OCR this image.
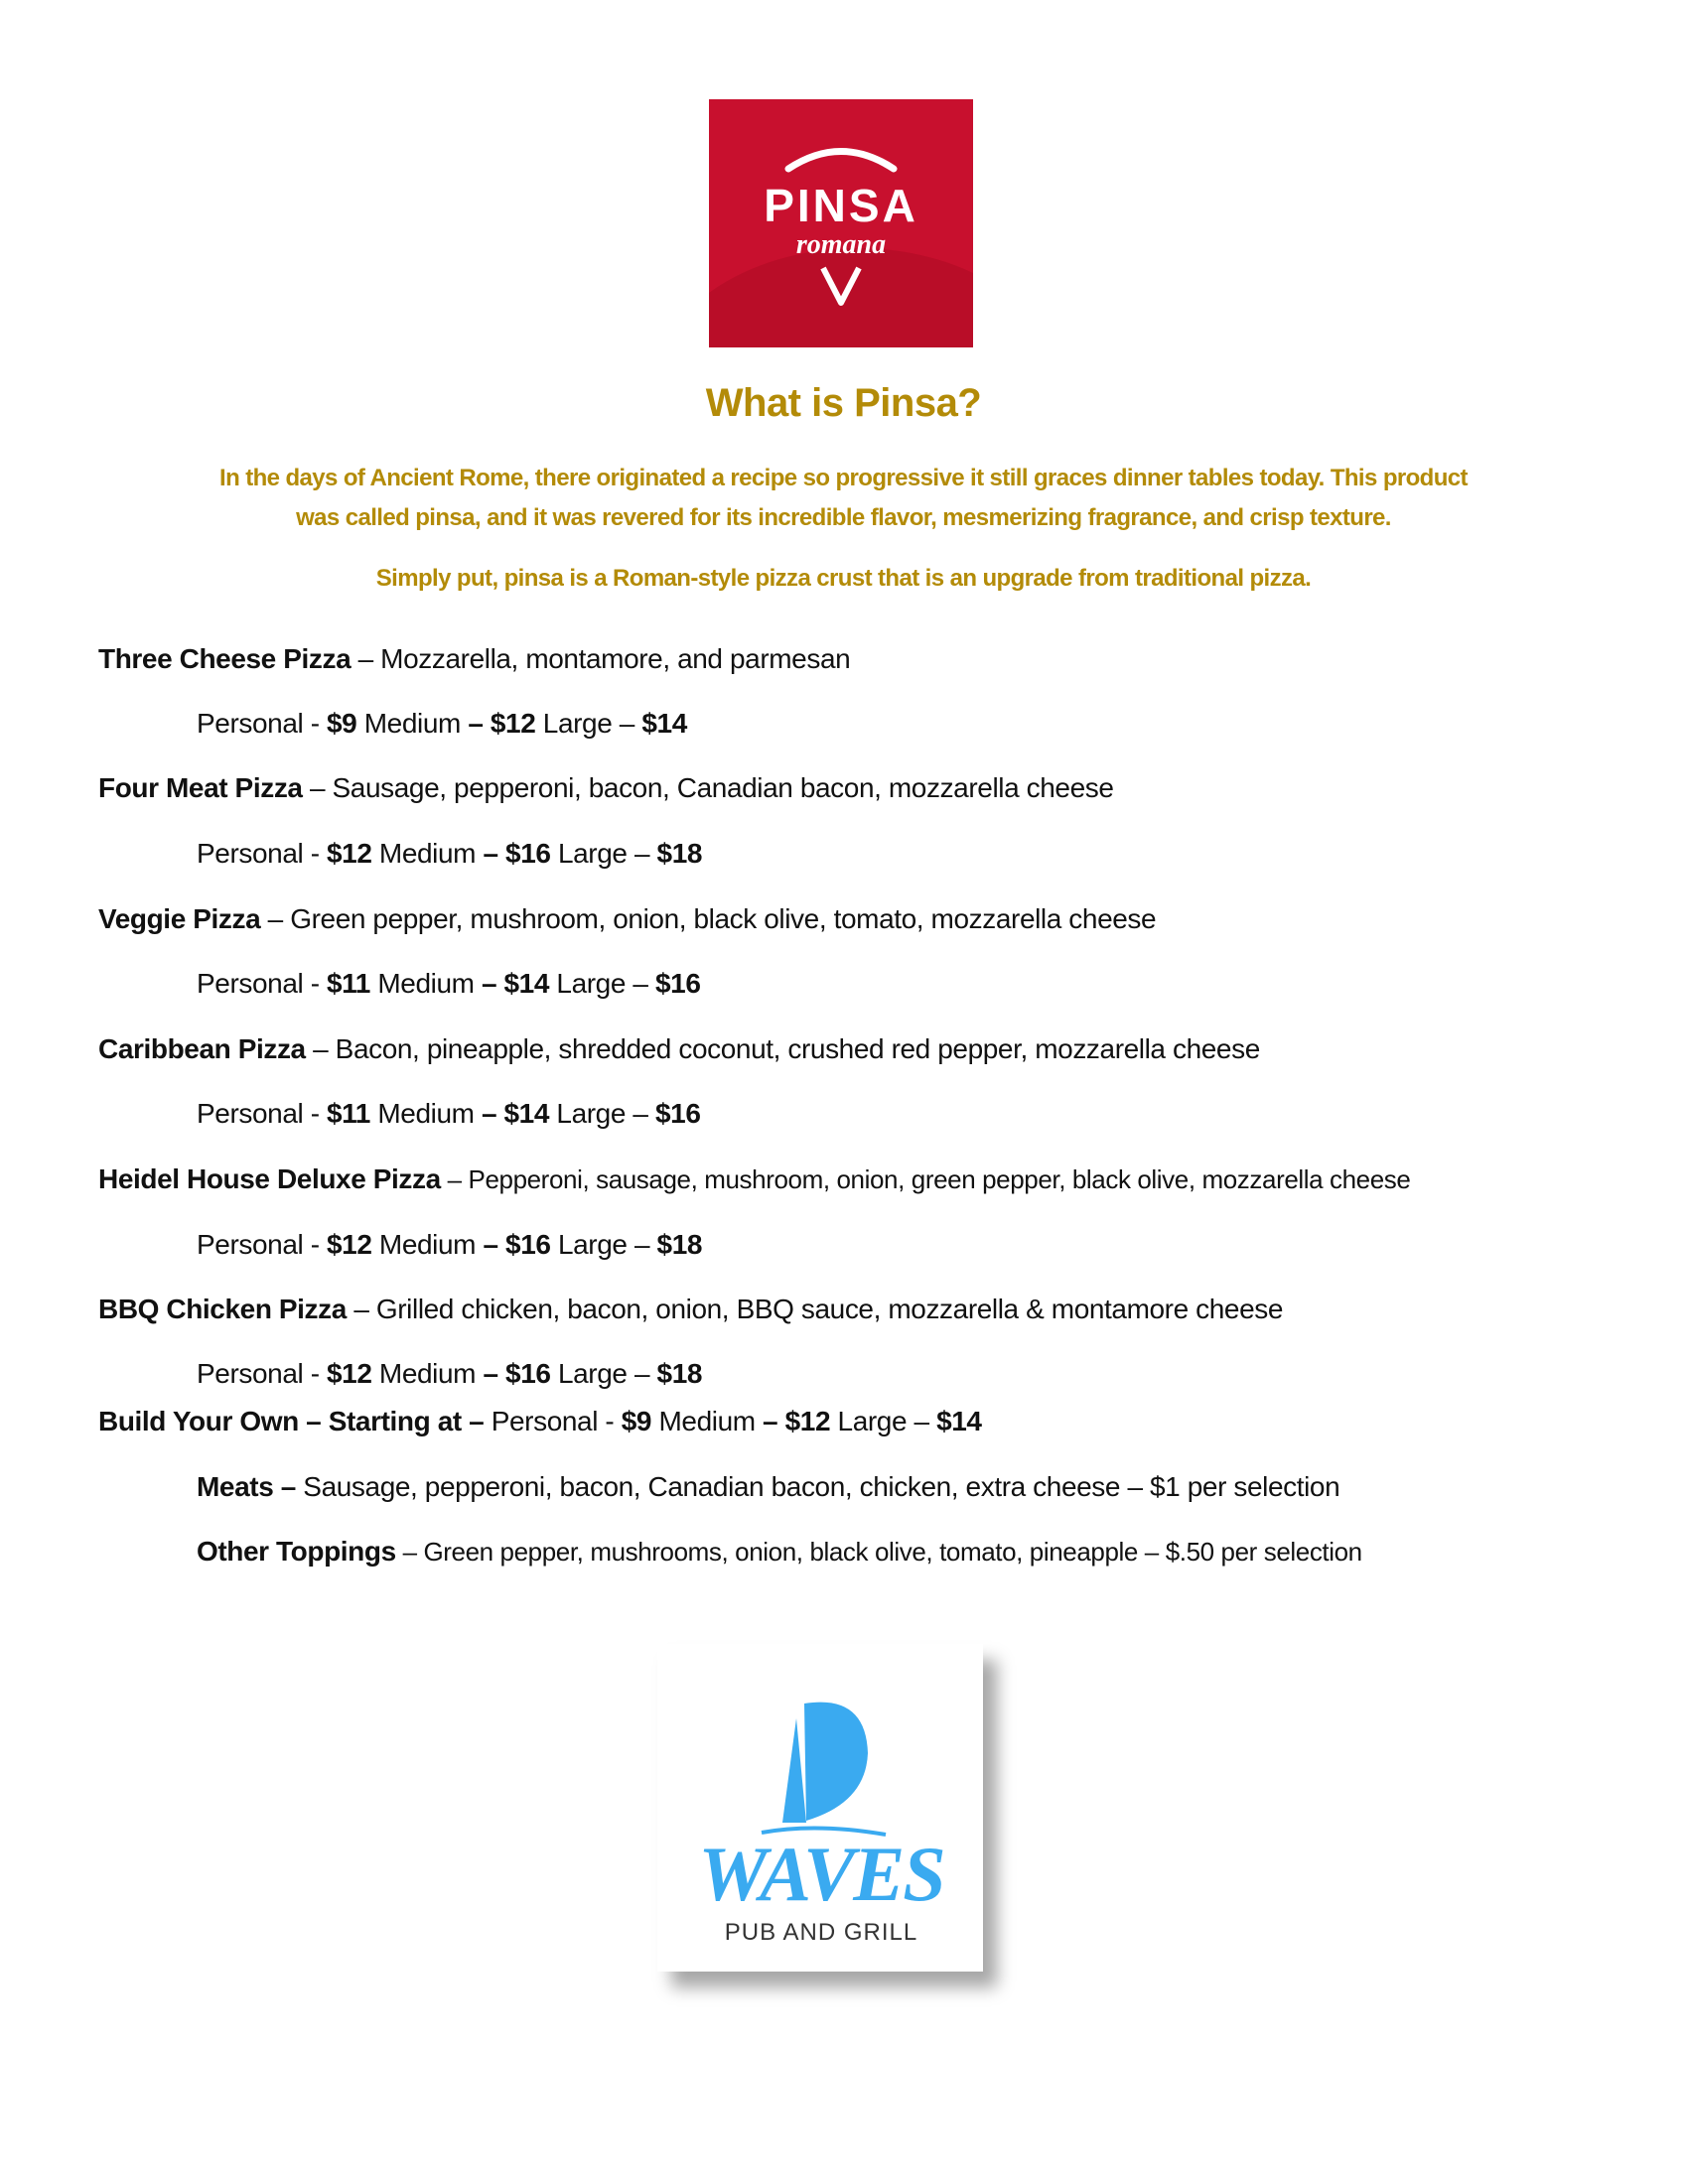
PINSA
romana
What is Pinsa?
In the days of Ancient Rome, there originated a recipe so progressive it still graces dinner tables today. This product
was called pinsa, and it was revered for its incredible flavor, mesmerizing fragrance, and crisp texture.
Simply put, pinsa is a Roman-style pizza crust that is an upgrade from traditional pizza.
Three Cheese Pizza – Mozzarella, montamore, and parmesan
Personal - $9 Medium – $12 Large – $14
Four Meat Pizza – Sausage, pepperoni, bacon, Canadian bacon, mozzarella cheese
Personal - $12 Medium – $16 Large – $18
Veggie Pizza – Green pepper, mushroom, onion, black olive, tomato, mozzarella cheese
Personal - $11 Medium – $14 Large – $16
Caribbean Pizza – Bacon, pineapple, shredded coconut, crushed red pepper, mozzarella cheese
Personal - $11 Medium – $14 Large – $16
Heidel House Deluxe Pizza – Pepperoni, sausage, mushroom, onion, green pepper, black olive, mozzarella cheese
Personal - $12 Medium – $16 Large – $18
BBQ Chicken Pizza – Grilled chicken, bacon, onion, BBQ sauce, mozzarella & montamore cheese
Personal - $12 Medium – $16 Large – $18
Build Your Own – Starting at – Personal - $9 Medium – $12 Large – $14
Meats – Sausage, pepperoni, bacon, Canadian bacon, chicken, extra cheese – $1 per selection
Other Toppings – Green pepper, mushrooms, onion, black olive, tomato, pineapple – $.50 per selection
WAVES
PUB AND GRILL
